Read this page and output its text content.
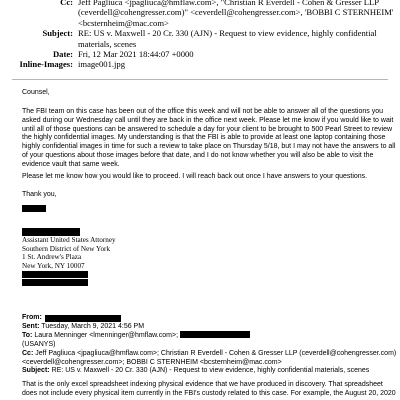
Cc: Jeff Pagliuca <jpagliuca@hmflaw.com>, "Christian R Everdell - Cohen & Gresser LLP
(ceverdell@cohengresser.com)" <ceverdell@cohengresser.com>, 'BOBBI C STERNHEIM'
<bcsternheim@mac.com>
Subject: RE: US v. Maxwell - 20 Cr. 330 (AJN) - Request to view evidence, highly confidential
materials, scenes
Date: Fri, 12 Mar 2021 18:44:07 +0000
Inline-Images: image001.jpg
Counsel,
The FBI team on this case has been out of the office this week and will not be able to answer all of the questions you asked during our Wednesday call until they are back in the office next week. Please let me know if you would like to wait until all of those questions can be answered to schedule a day for your client to be brought to 500 Pearl Street to review the highly confidential images. My understanding is that the FBI is able to provide at least one laptop containing those highly confidential images in time for such a review to take place on Thursday 5/18, but I may not have the answers to all of your questions about those images before that date, and I do not know whether you will also be able to visit the evidence vault that same week.
Please let me know how you would like to proceed. I will reach back out once I have answers to your questions.
Thank you,
Assistant United States Attorney
Southern District of New York
1 St. Andrew's Plaza
New York, NY 10007
From:
Sent: Tuesday, March 9, 2021 4:56 PM
To: Laura Menninger <lmenninger@hmflaw.com>;
(USANYS)
Cc: Jeff Pagliuca <jpagliuca@hmflaw.com>; Christian R Everdell - Cohen & Gresser LLP (ceverdell@cohengresser.com)
<ceverdell@cohengresser.com>; BOBBI C STERNHEIM <bcsternheim@mac.com>
Subject: RE: US v. Maxwell - 20 Cr. 330 (AJN) - Request to view evidence, highly confidential materials, scenes
That is the only excel spreadsheet indexing physical evidence that we have produced in discovery. That spreadsheet does not include every physical item currently in the FBI's custody related to this case. For example, the August 20, 2020
